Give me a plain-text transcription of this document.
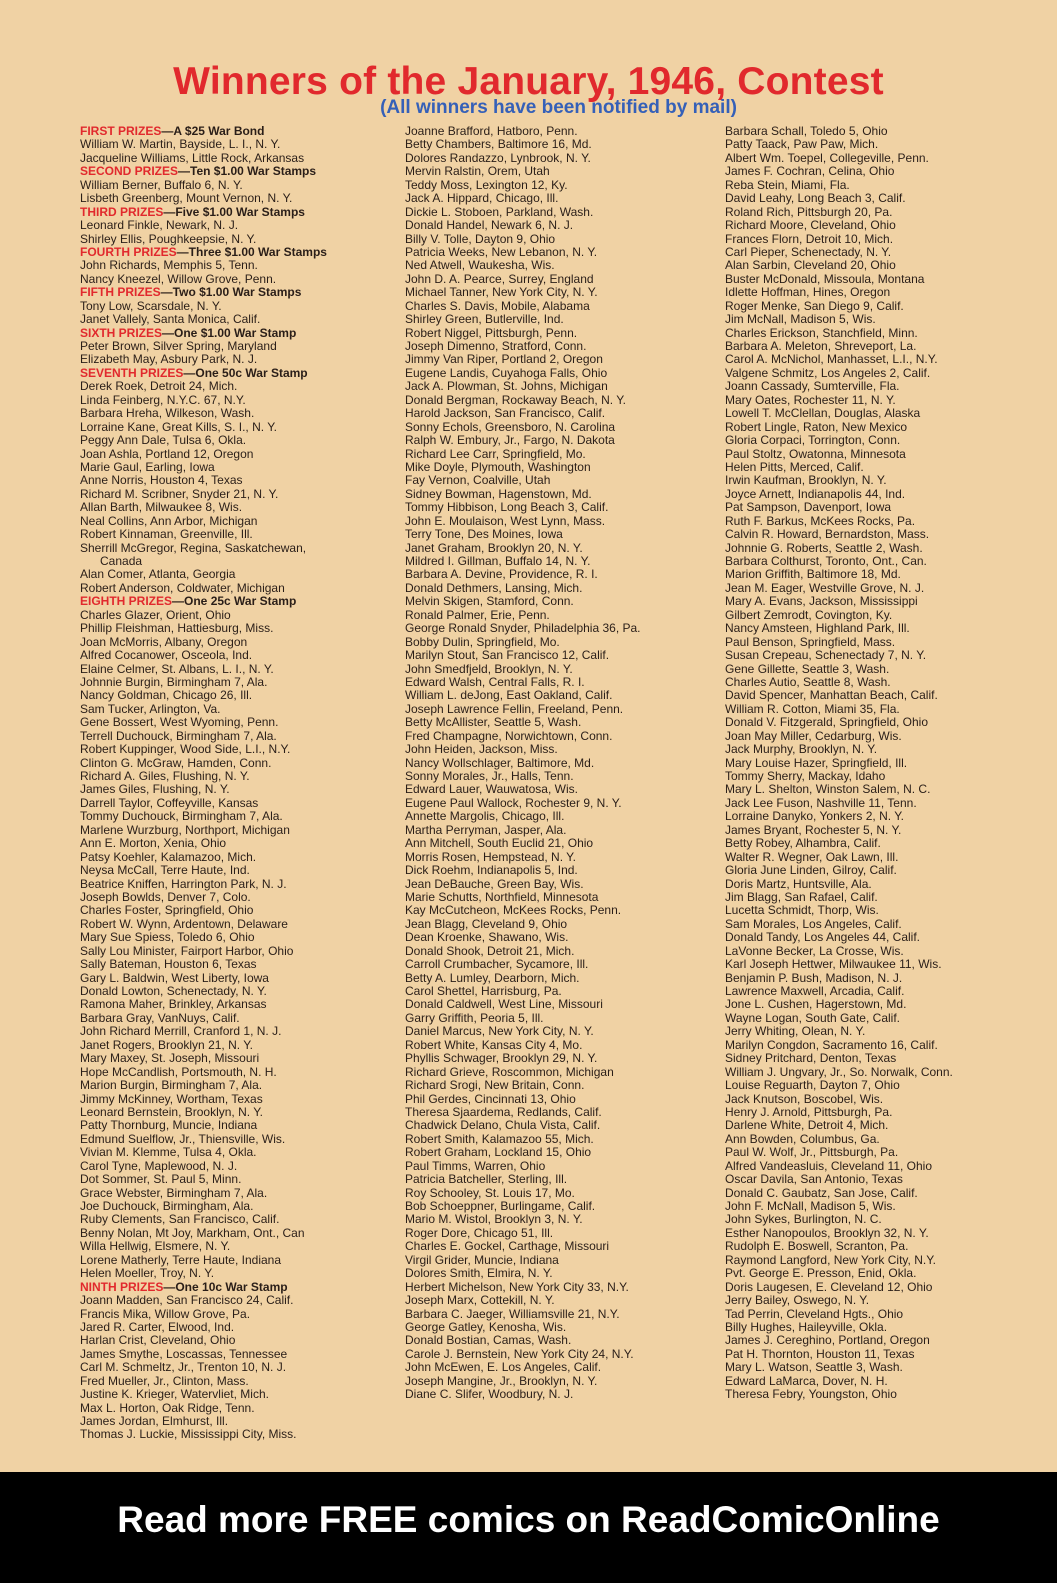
Winners of the January, 1946, Contest
(All winners have been notified by mail)
FIRST PRIZES—A $25 War Bond
William W. Martin, Bayside, L. I., N. Y.
Jacqueline Williams, Little Rock, Arkansas
SECOND PRIZES—Ten $1.00 War Stamps
William Berner, Buffalo 6, N. Y.
Lisbeth Greenberg, Mount Vernon, N. Y.
THIRD PRIZES—Five $1.00 War Stamps
Leonard Finkle, Newark, N. J.
Shirley Ellis, Poughkeepsie, N. Y.
FOURTH PRIZES—Three $1.00 War Stamps
John Richards, Memphis 5, Tenn.
Nancy Kneezel, Willow Grove, Penn.
FIFTH PRIZES—Two $1.00 War Stamps
Tony Low, Scarsdale, N. Y.
Janet Vallely, Santa Monica, Calif.
SIXTH PRIZES—One $1.00 War Stamp
Peter Brown, Silver Spring, Maryland
Elizabeth May, Asbury Park, N. J.
SEVENTH PRIZES—One 50c War Stamp
Derek Roek, Detroit 24, Mich.
Linda Feinberg, N.Y.C. 67, N.Y.
Barbara Hreha, Wilkeson, Wash.
Lorraine Kane, Great Kills, S. I., N. Y.
Peggy Ann Dale, Tulsa 6, Okla.
Joan Ashla, Portland 12, Oregon
Marie Gaul, Earling, Iowa
Anne Norris, Houston 4, Texas
Richard M. Scribner, Snyder 21, N. Y.
Allan Barth, Milwaukee 8, Wis.
Neal Collins, Ann Arbor, Michigan
Robert Kinnaman, Greenville, Ill.
Sherrill McGregor, Regina, Saskatchewan,
Canada
Alan Comer, Atlanta, Georgia
Robert Anderson, Coldwater, Michigan
EIGHTH PRIZES—One 25c War Stamp
Charles Glazer, Orient, Ohio
Phillip Fleishman, Hattiesburg, Miss.
Joan McMorris, Albany, Oregon
Alfred Cocanower, Osceola, Ind.
Elaine Celmer, St. Albans, L. I., N. Y.
Johnnie Burgin, Birmingham 7, Ala.
Nancy Goldman, Chicago 26, Ill.
Sam Tucker, Arlington, Va.
Gene Bossert, West Wyoming, Penn.
Terrell Duchouck, Birmingham 7, Ala.
Robert Kuppinger, Wood Side, L.I., N.Y.
Clinton G. McGraw, Hamden, Conn.
Richard A. Giles, Flushing, N. Y.
James Giles, Flushing, N. Y.
Darrell Taylor, Coffeyville, Kansas
Tommy Duchouck, Birmingham 7, Ala.
Marlene Wurzburg, Northport, Michigan
Ann E. Morton, Xenia, Ohio
Patsy Koehler, Kalamazoo, Mich.
Neysa McCall, Terre Haute, Ind.
Beatrice Kniffen, Harrington Park, N. J.
Joseph Bowlds, Denver 7, Colo.
Charles Foster, Springfield, Ohio
Robert W. Wynn, Ardentown, Delaware
Mary Sue Spiess, Toledo 6, Ohio
Sally Lou Minister, Fairport Harbor, Ohio
Sally Bateman, Houston 6, Texas
Gary L. Baldwin, West Liberty, Iowa
Donald Lowton, Schenectady, N. Y.
Ramona Maher, Brinkley, Arkansas
Barbara Gray, VanNuys, Calif.
John Richard Merrill, Cranford 1, N. J.
Janet Rogers, Brooklyn 21, N. Y.
Mary Maxey, St. Joseph, Missouri
Hope McCandlish, Portsmouth, N. H.
Marion Burgin, Birmingham 7, Ala.
Jimmy McKinney, Wortham, Texas
Leonard Bernstein, Brooklyn, N. Y.
Patty Thornburg, Muncie, Indiana
Edmund Suelflow, Jr., Thiensville, Wis.
Vivian M. Klemme, Tulsa 4, Okla.
Carol Tyne, Maplewood, N. J.
Dot Sommer, St. Paul 5, Minn.
Grace Webster, Birmingham 7, Ala.
Joe Duchouck, Birmingham, Ala.
Ruby Clements, San Francisco, Calif.
Benny Nolan, Mt Joy, Markham, Ont., Can
Willa Hellwig, Elsmere, N. Y.
Lorene Matherly, Terre Haute, Indiana
Helen Moeller, Troy, N. Y.
NINTH PRIZES—One 10c War Stamp
Joann Madden, San Francisco 24, Calif.
Francis Mika, Willow Grove, Pa.
Jared R. Carter, Elwood, Ind.
Harlan Crist, Cleveland, Ohio
James Smythe, Loscassas, Tennessee
Carl M. Schmeltz, Jr., Trenton 10, N. J.
Fred Mueller, Jr., Clinton, Mass.
Justine K. Krieger, Watervliet, Mich.
Max L. Horton, Oak Ridge, Tenn.
James Jordan, Elmhurst, Ill.
Thomas J. Luckie, Mississippi City, Miss.
Joanne Brafford, Hatboro, Penn.
Betty Chambers, Baltimore 16, Md.
Dolores Randazzo, Lynbrook, N. Y.
Mervin Ralstin, Orem, Utah
Teddy Moss, Lexington 12, Ky.
Jack A. Hippard, Chicago, Ill.
Dickie L. Stoboen, Parkland, Wash.
Donald Handel, Newark 6, N. J.
Billy V. Tolle, Dayton 9, Ohio
Patricia Weeks, New Lebanon, N. Y.
Ned Atwell, Waukesha, Wis.
John D. A. Pearce, Surrey, England
Michael Tanner, New York City, N. Y.
Charles S. Davis, Mobile, Alabama
Shirley Green, Butlerville, Ind.
Robert Niggel, Pittsburgh, Penn.
Joseph Dimenno, Stratford, Conn.
Jimmy Van Riper, Portland 2, Oregon
Eugene Landis, Cuyahoga Falls, Ohio
Jack A. Plowman, St. Johns, Michigan
Donald Bergman, Rockaway Beach, N. Y.
Harold Jackson, San Francisco, Calif.
Sonny Echols, Greensboro, N. Carolina
Ralph W. Embury, Jr., Fargo, N. Dakota
Richard Lee Carr, Springfield, Mo.
Mike Doyle, Plymouth, Washington
Fay Vernon, Coalville, Utah
Sidney Bowman, Hagenstown, Md.
Tommy Hibbison, Long Beach 3, Calif.
John E. Moulaison, West Lynn, Mass.
Terry Tone, Des Moines, Iowa
Janet Graham, Brooklyn 20, N. Y.
Mildred I. Gillman, Buffalo 14, N. Y.
Barbara A. Devine, Providence, R. I.
Donald Dethmers, Lansing, Mich.
Melvin Skigen, Stamford, Conn.
Ronald Palmer, Erie, Penn.
George Ronald Snyder, Philadelphia 36, Pa.
Bobby Dulin, Springfield, Mo.
Marilyn Stout, San Francisco 12, Calif.
John Smedfjeld, Brooklyn, N. Y.
Edward Walsh, Central Falls, R. I.
William L. deJong, East Oakland, Calif.
Joseph Lawrence Fellin, Freeland, Penn.
Betty McAllister, Seattle 5, Wash.
Fred Champagne, Norwichtown, Conn.
John Heiden, Jackson, Miss.
Nancy Wollschlager, Baltimore, Md.
Sonny Morales, Jr., Halls, Tenn.
Edward Lauer, Wauwatosa, Wis.
Eugene Paul Wallock, Rochester 9, N. Y.
Annette Margolis, Chicago, Ill.
Martha Perryman, Jasper, Ala.
Ann Mitchell, South Euclid 21, Ohio
Morris Rosen, Hempstead, N. Y.
Dick Roehm, Indianapolis 5, Ind.
Jean DeBauche, Green Bay, Wis.
Marie Schutts, Northfield, Minnesota
Kay McCutcheon, McKees Rocks, Penn.
Jean Blagg, Cleveland 9, Ohio
Dean Kroenke, Shawano, Wis.
Donald Shook, Detroit 21, Mich.
Carroll Crumbacher, Sycamore, Ill.
Betty A. Lumley, Dearborn, Mich.
Carol Shettel, Harrisburg, Pa.
Donald Caldwell, West Line, Missouri
Garry Griffith, Peoria 5, Ill.
Daniel Marcus, New York City, N. Y.
Robert White, Kansas City 4, Mo.
Phyllis Schwager, Brooklyn 29, N. Y.
Richard Grieve, Roscommon, Michigan
Richard Srogi, New Britain, Conn.
Phil Gerdes, Cincinnati 13, Ohio
Theresa Sjaardema, Redlands, Calif.
Chadwick Delano, Chula Vista, Calif.
Robert Smith, Kalamazoo 55, Mich.
Robert Graham, Lockland 15, Ohio
Paul Timms, Warren, Ohio
Patricia Batcheller, Sterling, Ill.
Roy Schooley, St. Louis 17, Mo.
Bob Schoeppner, Burlingame, Calif.
Mario M. Wistol, Brooklyn 3, N. Y.
Roger Dore, Chicago 51, Ill.
Charles E. Gockel, Carthage, Missouri
Virgil Grider, Muncie, Indiana
Dolores Smith, Elmira, N. Y.
Herbert Michelson, New York City 33, N.Y.
Joseph Marx, Cottekill, N. Y.
Barbara C. Jaeger, Williamsville 21, N.Y.
George Gatley, Kenosha, Wis.
Donald Bostian, Camas, Wash.
Carole J. Bernstein, New York City 24, N.Y.
John McEwen, E. Los Angeles, Calif.
Joseph Mangine, Jr., Brooklyn, N. Y.
Diane C. Slifer, Woodbury, N. J.
Barbara Schall, Toledo 5, Ohio
Patty Taack, Paw Paw, Mich.
Albert Wm. Toepel, Collegeville, Penn.
James F. Cochran, Celina, Ohio
Reba Stein, Miami, Fla.
David Leahy, Long Beach 3, Calif.
Roland Rich, Pittsburgh 20, Pa.
Richard Moore, Cleveland, Ohio
Frances Florn, Detroit 10, Mich.
Carl Pieper, Schenectady, N. Y.
Alan Sarbin, Cleveland 20, Ohio
Buster McDonald, Missoula, Montana
Idlette Hoffman, Hines, Oregon
Roger Menke, San Diego 9, Calif.
Jim McNall, Madison 5, Wis.
Charles Erickson, Stanchfield, Minn.
Barbara A. Meleton, Shreveport, La.
Carol A. McNichol, Manhasset, L.I., N.Y.
Valgene Schmitz, Los Angeles 2, Calif.
Joann Cassady, Sumterville, Fla.
Mary Oates, Rochester 11, N. Y.
Lowell T. McClellan, Douglas, Alaska
Robert Lingle, Raton, New Mexico
Gloria Corpaci, Torrington, Conn.
Paul Stoltz, Owatonna, Minnesota
Helen Pitts, Merced, Calif.
Irwin Kaufman, Brooklyn, N. Y.
Joyce Arnett, Indianapolis 44, Ind.
Pat Sampson, Davenport, Iowa
Ruth F. Barkus, McKees Rocks, Pa.
Calvin R. Howard, Bernardston, Mass.
Johnnie G. Roberts, Seattle 2, Wash.
Barbara Colthurst, Toronto, Ont., Can.
Marion Griffith, Baltimore 18, Md.
Jean M. Eager, Westville Grove, N. J.
Mary A. Evans, Jackson, Mississippi
Gilbert Zemrodt, Covington, Ky.
Nancy Amsteen, Highland Park, Ill.
Paul Benson, Springfield, Mass.
Susan Crepeau, Schenectady 7, N. Y.
Gene Gillette, Seattle 3, Wash.
Charles Autio, Seattle 8, Wash.
David Spencer, Manhattan Beach, Calif.
William R. Cotton, Miami 35, Fla.
Donald V. Fitzgerald, Springfield, Ohio
Joan May Miller, Cedarburg, Wis.
Jack Murphy, Brooklyn, N. Y.
Mary Louise Hazer, Springfield, Ill.
Tommy Sherry, Mackay, Idaho
Mary L. Shelton, Winston Salem, N. C.
Jack Lee Fuson, Nashville 11, Tenn.
Lorraine Danyko, Yonkers 2, N. Y.
James Bryant, Rochester 5, N. Y.
Betty Robey, Alhambra, Calif.
Walter R. Wegner, Oak Lawn, Ill.
Gloria June Linden, Gilroy, Calif.
Doris Martz, Huntsville, Ala.
Jim Blagg, San Rafael, Calif.
Lucetta Schmidt, Thorp, Wis.
Sam Morales, Los Angeles, Calif.
Donald Tandy, Los Angeles 44, Calif.
LaVonne Becker, La Crosse, Wis.
Karl Joseph Hettwer, Milwaukee 11, Wis.
Benjamin P. Bush, Madison, N. J.
Lawrence Maxwell, Arcadia, Calif.
Jone L. Cushen, Hagerstown, Md.
Wayne Logan, South Gate, Calif.
Jerry Whiting, Olean, N. Y.
Marilyn Congdon, Sacramento 16, Calif.
Sidney Pritchard, Denton, Texas
William J. Ungvary, Jr., So. Norwalk, Conn.
Louise Reguarth, Dayton 7, Ohio
Jack Knutson, Boscobel, Wis.
Henry J. Arnold, Pittsburgh, Pa.
Darlene White, Detroit 4, Mich.
Ann Bowden, Columbus, Ga.
Paul W. Wolf, Jr., Pittsburgh, Pa.
Alfred Vandeasluis, Cleveland 11, Ohio
Oscar Davila, San Antonio, Texas
Donald C. Gaubatz, San Jose, Calif.
John F. McNall, Madison 5, Wis.
John Sykes, Burlington, N. C.
Esther Nanopoulos, Brooklyn 32, N. Y.
Rudolph E. Boswell, Scranton, Pa.
Raymond Langford, New York City, N.Y.
Pvt. George E. Presson, Enid, Okla.
Doris Laugesen, E. Cleveland 12, Ohio
Jerry Bailey, Oswego, N. Y.
Tad Perrin, Cleveland Hgts., Ohio
Billy Hughes, Haileyville, Okla.
James J. Cereghino, Portland, Oregon
Pat H. Thornton, Houston 11, Texas
Mary L. Watson, Seattle 3, Wash.
Edward LaMarca, Dover, N. H.
Theresa Febry, Youngston, Ohio
Read more FREE comics on ReadComicOnline
